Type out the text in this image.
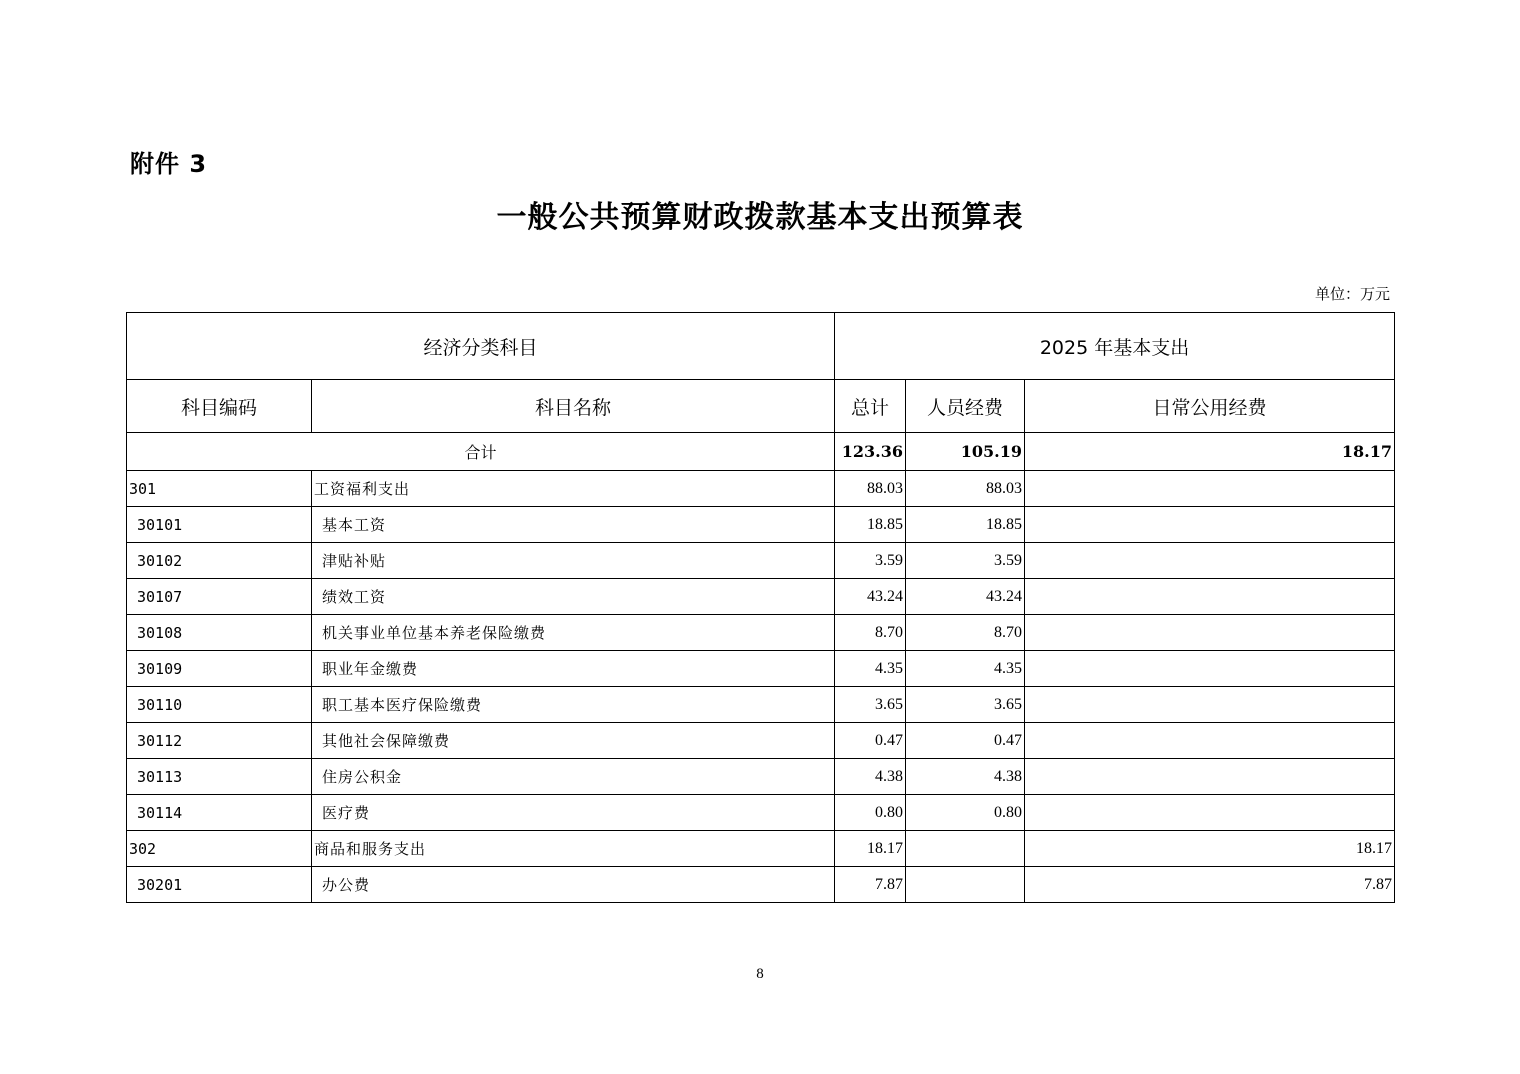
附件 3
一般公共预算财政拨款基本支出预算表
单位：万元
经济分类科目		2025 年基本支出		
科目编码	科目名称	总计	人员经费	日常公用经费
合计		123.36	105.19	18.17
301	工资福利支出	88.03	88.03	
30101	基本工资	18.85	18.85	
30102	津贴补贴	3.59	3.59	
30107	绩效工资	43.24	43.24	
30108	机关事业单位基本养老保险缴费	8.70	8.70	
30109	职业年金缴费	4.35	4.35	
30110	职工基本医疗保险缴费	3.65	3.65	
30112	其他社会保障缴费	0.47	0.47	
30113	住房公积金	4.38	4.38	
30114	医疗费	0.80	0.80	
302	商品和服务支出	18.17		18.17
30201	办公费	7.87		7.87
8
